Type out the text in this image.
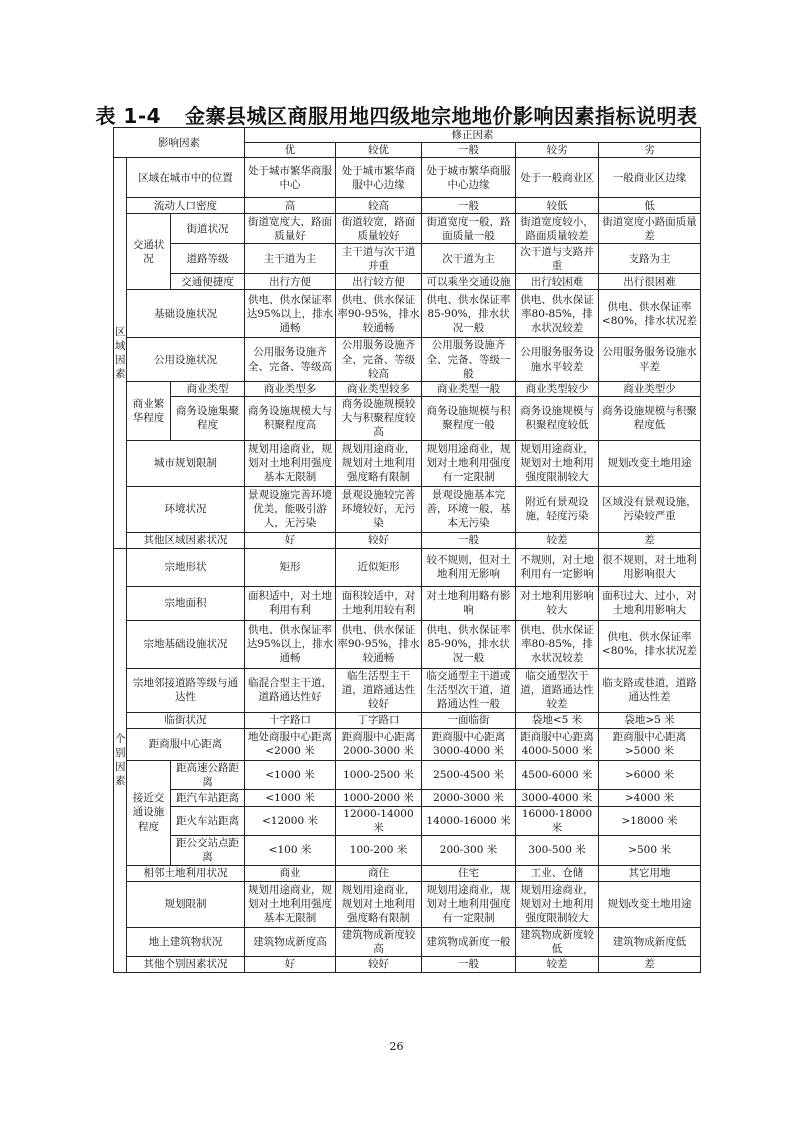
表 1-4 金寨县城区商服用地四级地宗地地价影响因素指标说明表
影响因素			修正因素				
			优	较优	一般	较劣	劣
区域因素	区域在城市中的位置		处于城市繁华商服中心	处于城市繁华商服中心边缘	处于城市繁华商服中心边缘	处于一般商业区	一般商业区边缘
	流动人口密度		高	较高	一般	较低	低
	交通状况	街道状况	街道宽度大，路面质量好	街道较宽，路面质量较好	街道宽度一般，路面质量一般	街道宽度较小，路面质量较差	街道宽度小路面质量差
		道路等级	主干道为主	主干道与次干道并重	次干道为主	次干道与支路并重	支路为主
		交通便捷度	出行方便	出行较方便	可以乘坐交通设施	出行较困难	出行很困难
	基础设施状况		供电、供水保证率达95%以上，排水通畅	供电、供水保证率90-95%，排水较通畅	供电、供水保证率85-90%，排水状况一般	供电、供水保证率80-85%，排水状况较差	供电、供水保证率<80%，排水状况差
	公用设施状况		公用服务设施齐全、完备、等级高	公用服务设施齐全、完备、等级较高	公用服务设施齐全、完备、等级一般	公用服务服务设施水平较差	公用服务服务设施水平差
	商业繁华程度	商业类型	商业类型多	商业类型较多	商业类型一般	商业类型较少	商业类型少
		商务设施集聚程度	商务设施规模大与积聚程度高	商务设施规模较大与积聚程度较高	商务设施规模与积聚程度一般	商务设施规模与积聚程度较低	商务设施规模与积聚程度低
	城市规划限制		规划用途商业，规划对土地利用强度基本无限制	规划用途商业，规划对土地利用强度略有限制	规划用途商业，规划对土地利用强度有一定限制	规划用途商业，规划对土地利用强度限制较大	规划改变土地用途
	环境状况		景观设施完善环境优美，能吸引游人，无污染	景观设施较完善环境较好，无污染	景观设施基本完善，环境一般，基本无污染	附近有景观设施，轻度污染	区域没有景观设施，污染较严重
	其他区域因素状况		好	较好	一般	较差	差
个别因素	宗地形状		矩形	近似矩形	较不规则，但对土地利用无影响	不规则，对土地利用有一定影响	很不规则，对土地利用影响很大
	宗地面积		面积适中，对土地利用有利	面积较适中，对土地利用较有利	对土地利用略有影响	对土地利用影响较大	面积过大、过小，对土地利用影响大
	宗地基础设施状况		供电、供水保证率达95%以上，排水通畅	供电、供水保证率90-95%，排水较通畅	供电、供水保证率85-90%，排水状况一般	供电、供水保证率80-85%，排水状况较差	供电、供水保证率<80%，排水状况差
	宗地邻接道路等级与通达性		临混合型主干道，道路通达性好	临生活型主干道，道路通达性较好	临交通型主干道或生活型次干道，道路通达性一般	临交通型次干道，道路通达性较差	临支路或巷道，道路通达性差
	临街状况		十字路口	丁字路口	一面临街	袋地<5 米	袋地>5 米
	距商服中心距离		地处商服中心距离<2000 米	距商服中心距离2000-3000 米	距商服中心距离3000-4000 米	距商服中心距离4000-5000 米	距商服中心距离>5000 米
	接近交通设施程度	距高速公路距离	<1000 米	1000-2500 米	2500-4500 米	4500-6000 米	>6000 米
		距汽车站距离	<1000 米	1000-2000 米	2000-3000 米	3000-4000 米	>4000 米
		距火车站距离	<12000 米	12000-14000 米	14000-16000 米	16000-18000 米	>18000 米
		距公交站点距离	<100 米	100-200 米	200-300 米	300-500 米	>500 米
	相邻土地利用状况		商业	商住	住宅	工业、仓储	其它用地
	规划限制		规划用途商业，规划对土地利用强度基本无限制	规划用途商业，规划对土地利用强度略有限制	规划用途商业，规划对土地利用强度有一定限制	规划用途商业，规划对土地利用强度限制较大	规划改变土地用途
	地上建筑物状况		建筑物成新度高	建筑物成新度较高	建筑物成新度一般	建筑物成新度较低	建筑物成新度低
	其他个别因素状况		好	较好	一般	较差	差
26
